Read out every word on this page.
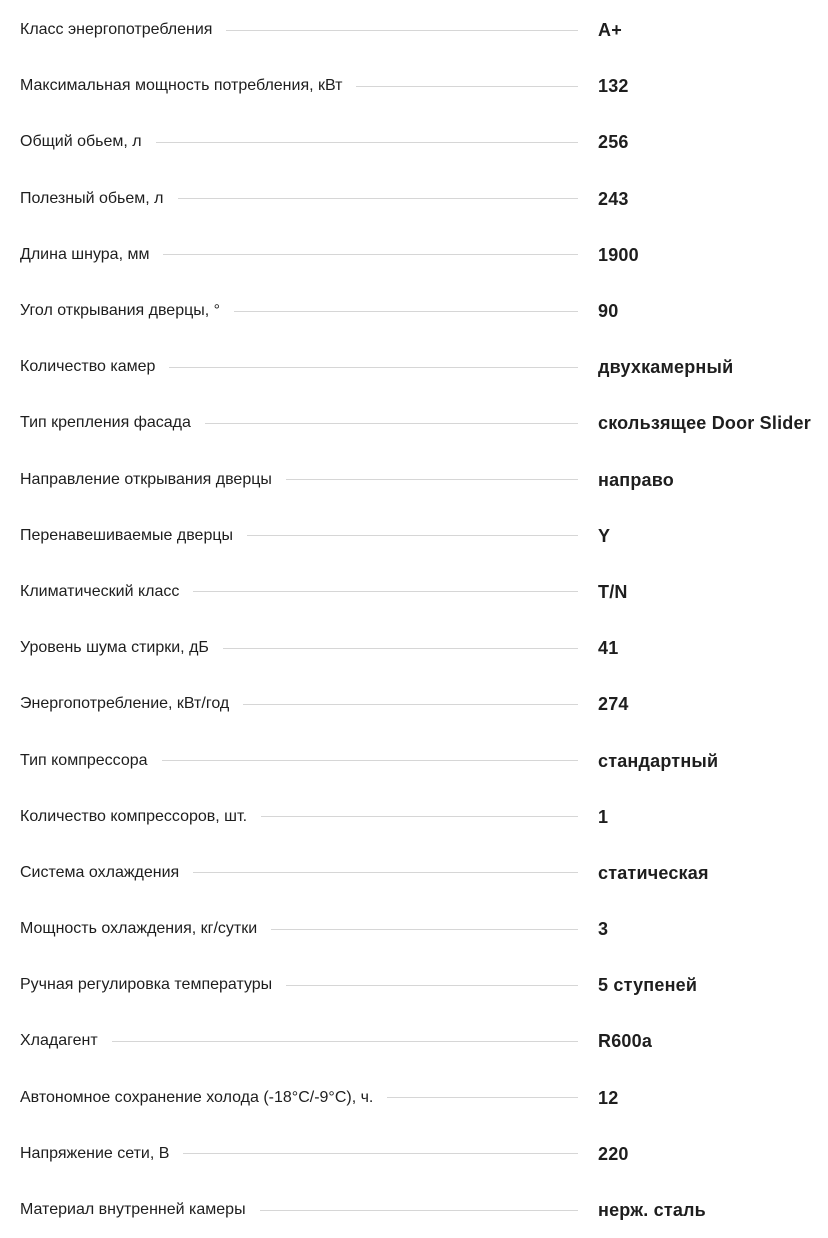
Класс энергопотребления	A+
Максимальная мощность потребления, кВт	132
Общий обьем, л	256
Полезный обьем, л	243
Длина шнура, мм	1900
Угол открывания дверцы, °	90
Количество камер	двухкамерный
Тип крепления фасада	скользящее Door Slider
Направление открывания дверцы	направо
Перенавешиваемые дверцы	Y
Климатический класс	T/N
Уровень шума стирки, дБ	41
Энергопотребление, кВт/год	274
Тип компрессора	стандартный
Количество компрессоров, шт.	1
Система охлаждения	статическая
Мощность охлаждения, кг/сутки	3
Ручная регулировка температуры	5 ступеней
Хладагент	R600a
Автономное сохранение холода (-18°C/-9°C), ч.	12
Напряжение сети, В	220
Материал внутренней камеры	нерж. сталь
